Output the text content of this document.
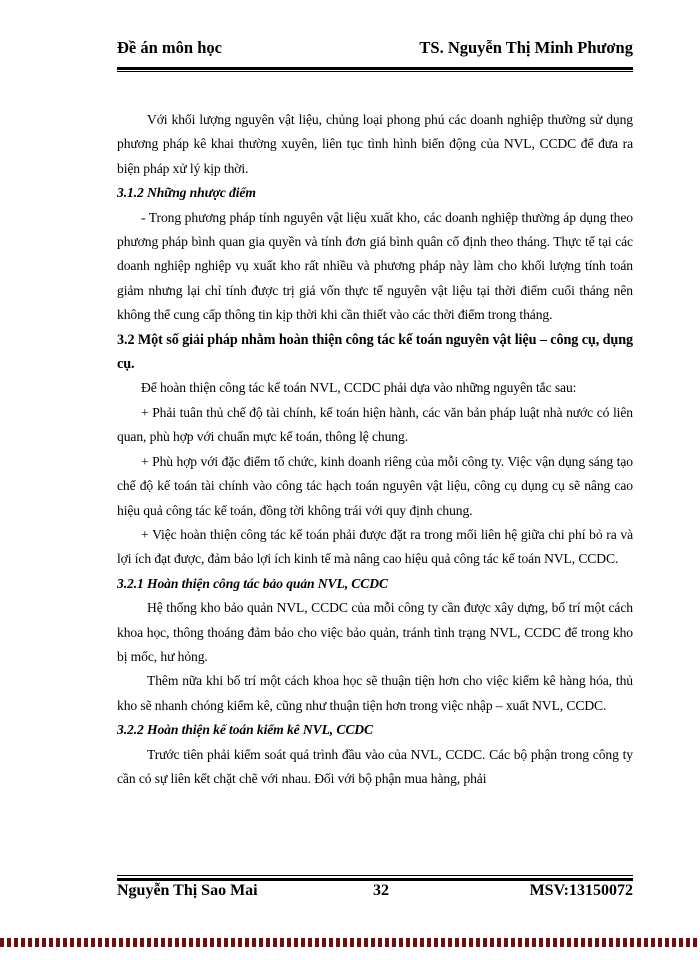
Đề án môn học	TS. Nguyễn Thị Minh Phương

Với khối lượng nguyên vật liệu, chủng loại phong phú các doanh nghiệp thường sử dụng phương pháp kê khai thường xuyên, liên tục tình hình biến động của NVL, CCDC để đưa ra biện pháp xử lý kịp thời.

3.1.2 Những nhược điểm

- Trong phương pháp tính nguyên vật liệu xuất kho, các doanh nghiệp thường áp dụng theo phương pháp bình quan gia quyền và tính đơn giá bình quân cố định theo tháng. Thực tế tại các doanh nghiệp nghiệp vụ xuất kho rất nhiều và phương pháp này làm cho khối lượng tính toán giảm nhưng lại chỉ tính được trị giá vốn thực tế nguyên vật liệu tại thời điểm cuối tháng nên không thể cung cấp thông tin kịp thời khi cần thiết vào các thời điểm trong tháng.

3.2 Một số giải pháp nhằm hoàn thiện công tác kế toán nguyên vật liệu – công cụ, dụng cụ.

Để hoàn thiện công tác kế toán NVL, CCDC phải dựa vào những nguyên tắc sau:

+ Phải tuân thủ chế độ tài chính, kế toán hiện hành, các văn bản pháp luật nhà nước có liên quan, phù hợp với chuẩn mực kế toán, thông lệ chung.

+ Phù hợp với đặc điểm tổ chức, kinh doanh riêng của mỗi công ty. Việc vận dụng sáng tạo chế độ kế toán tài chính vào công tác hạch toán nguyên vật liệu, công cụ dụng cụ sẽ nâng cao hiệu quả công tác kế toán, đồng tời không trái với quy định chung.

+ Việc hoàn thiện công tác kế toán phải được đặt ra trong mối liên hệ giữa chi phí bỏ ra và lợi ích đạt được, đảm bảo lợi ích kinh tế mà nâng cao hiệu quả công tác kế toán NVL, CCDC.

3.2.1 Hoàn thiện công tác bảo quản NVL, CCDC

Hệ thống kho bảo quản NVL, CCDC của mỗi công ty cần được xây dựng, bố trí một cách khoa học, thông thoáng đảm bảo cho việc bảo quản, tránh tình trạng NVL, CCDC để trong kho bị mốc, hư hỏng.

Thêm nữa khi bố trí một cách khoa học sẽ thuận tiện hơn cho việc kiểm kê hàng hóa, thủ kho sẽ nhanh chóng kiểm kê, cũng như thuận tiện hơn trong việc nhập – xuất NVL, CCDC.

3.2.2 Hoàn thiện kế toán kiểm kê NVL, CCDC

Trước tiên phải kiểm soát quá trình đầu vào của NVL, CCDC. Các bộ phận trong công ty cần có sự liên kết chặt chẽ với nhau. Đối với bộ phận mua hàng, phải

Nguyễn Thị Sao Mai	32	MSV:13150072
